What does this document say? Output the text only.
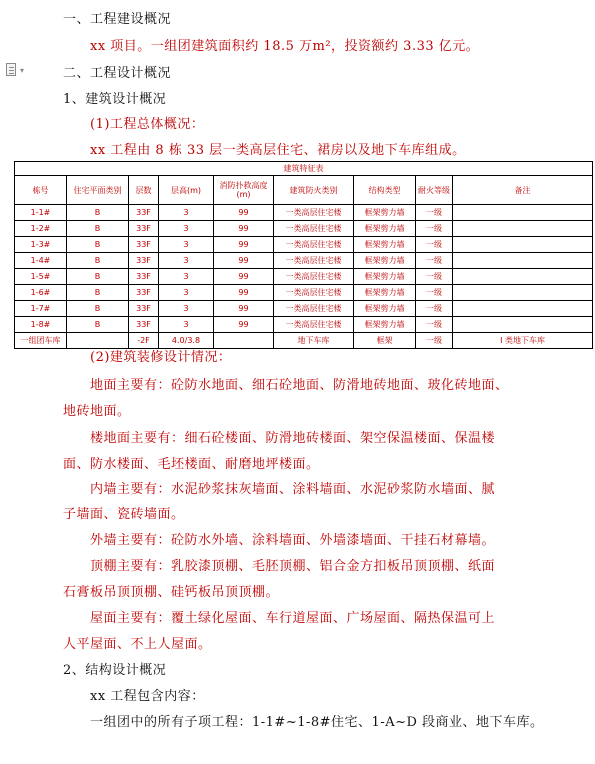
▾
一、工程建设概况
xx 项目。一组团建筑面积约 18.5 万m²，投资额约 3.33 亿元。
二、工程设计概况
1、建筑设计概况
(1)工程总体概况：
xx 工程由 8 栋 33 层一类高层住宅、裙房以及地下车库组成。
建筑特征表								
栋号	住宅平面类别	层数	层高(m)	消防扑救高度(m)	建筑防火类别	结构类型	耐火等级	备注
1-1#	B	33F	3	99	一类高层住宅楼	框架剪力墙	一级	
1-2#	B	33F	3	99	一类高层住宅楼	框架剪力墙	一级	
1-3#	B	33F	3	99	一类高层住宅楼	框架剪力墙	一级	
1-4#	B	33F	3	99	一类高层住宅楼	框架剪力墙	一级	
1-5#	B	33F	3	99	一类高层住宅楼	框架剪力墙	一级	
1-6#	B	33F	3	99	一类高层住宅楼	框架剪力墙	一级	
1-7#	B	33F	3	99	一类高层住宅楼	框架剪力墙	一级	
1-8#	B	33F	3	99	一类高层住宅楼	框架剪力墙	一级	
一组团车库		-2F	4.0/3.8		地下车库	框架	一级	I 类地下车库
(2)建筑装修设计情况：
地面主要有：砼防水地面、细石砼地面、防滑地砖地面、玻化砖地面、
地砖地面。
楼地面主要有：细石砼楼面、防滑地砖楼面、架空保温楼面、保温楼
面、防水楼面、毛坯楼面、耐磨地坪楼面。
内墙主要有：水泥砂浆抹灰墙面、涂料墙面、水泥砂浆防水墙面、腻
子墙面、瓷砖墙面。
外墙主要有：砼防水外墙、涂料墙面、外墙漆墙面、干挂石材幕墙。
顶棚主要有：乳胶漆顶棚、毛胚顶棚、铝合金方扣板吊顶顶棚、纸面
石膏板吊顶顶棚、硅钙板吊顶顶棚。
屋面主要有：覆土绿化屋面、车行道屋面、广场屋面、隔热保温可上
人平屋面、不上人屋面。
2、结构设计概况
xx 工程包含内容：
一组团中的所有子项工程：1-1#~1-8#住宅、1-A~D 段商业、地下车库。
